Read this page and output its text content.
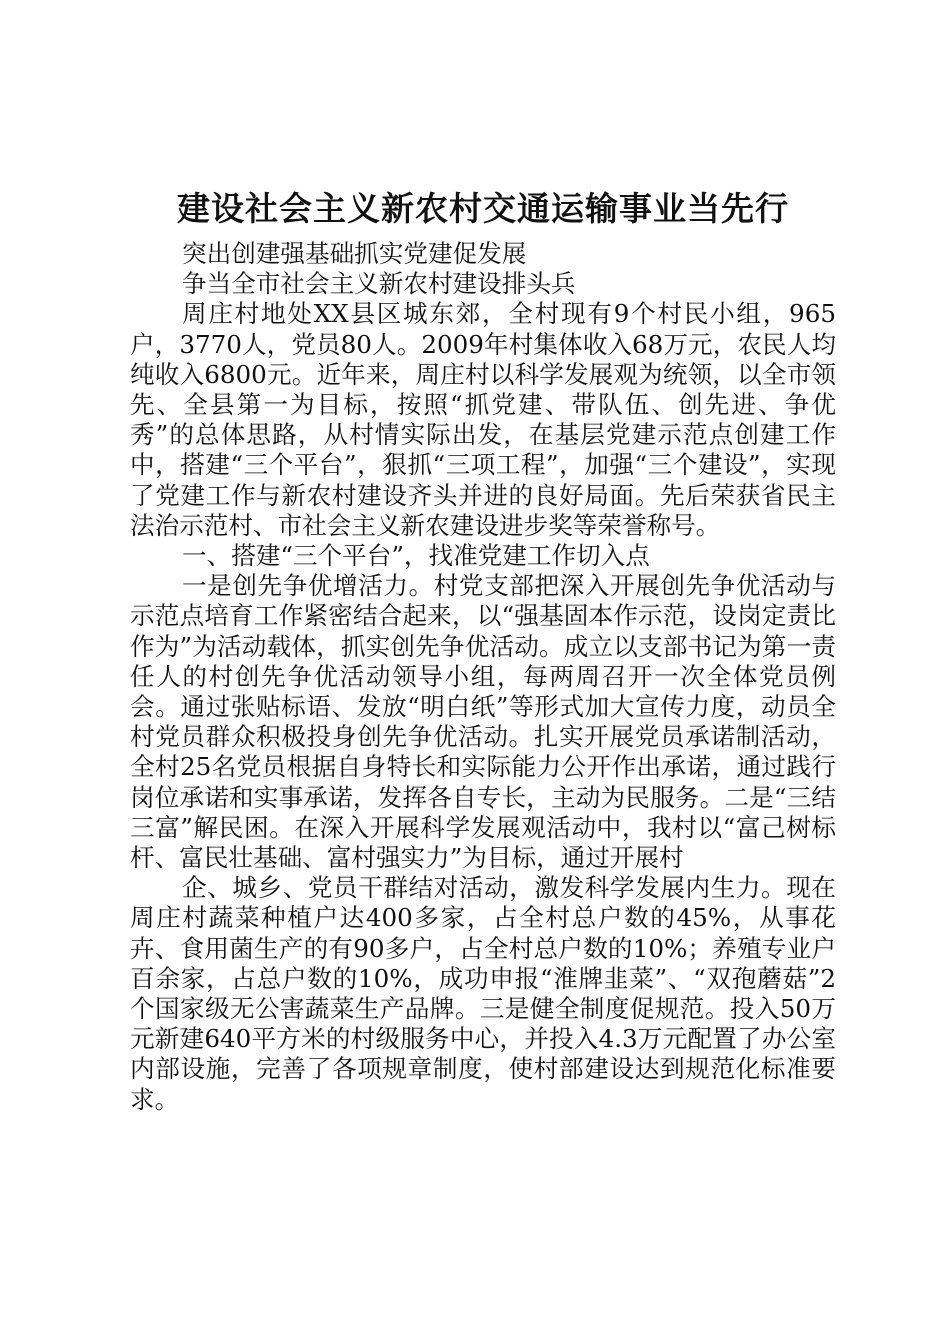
建设社会主义新农村交通运输事业当先行

突出创建强基础抓实党建促发展

争当全市社会主义新农村建设排头兵

周庄村地处XX县区城东郊，全村现有9个村民小组，965户，3770人，党员80人。2009年村集体收入68万元，农民人均纯收入6800元。近年来，周庄村以科学发展观为统领，以全市领先、全县第一为目标，按照“抓党建、带队伍、创先进、争优秀”的总体思路，从村情实际出发，在基层党建示范点创建工作中，搭建“三个平台”，狠抓“三项工程”，加强“三个建设”，实现了党建工作与新农村建设齐头并进的良好局面。先后荣获省民主法治示范村、市社会主义新农建设进步奖等荣誉称号。

一、搭建“三个平台”，找准党建工作切入点

一是创先争优增活力。村党支部把深入开展创先争优活动与示范点培育工作紧密结合起来，以“强基固本作示范，设岗定责比作为”为活动载体，抓实创先争优活动。成立以支部书记为第一责任人的村创先争优活动领导小组，每两周召开一次全体党员例会。通过张贴标语、发放“明白纸”等形式加大宣传力度，动员全村党员群众积极投身创先争优活动。扎实开展党员承诺制活动，全村25名党员根据自身特长和实际能力公开作出承诺，通过践行岗位承诺和实事承诺，发挥各自专长，主动为民服务。二是“三结三富”解民困。在深入开展科学发展观活动中，我村以“富己树标杆、富民壮基础、富村强实力”为目标，通过开展村

企、城乡、党员干群结对活动，激发科学发展内生力。现在周庄村蔬菜种植户达400多家，占全村总户数的45%，从事花卉、食用菌生产的有90多户，占全村总户数的10%；养殖专业户百余家，占总户数的10%，成功申报“淮牌韭菜”、“双孢蘑菇”2个国家级无公害蔬菜生产品牌。三是健全制度促规范。投入50万元新建640平方米的村级服务中心，并投入4.3万元配置了办公室内部设施，完善了各项规章制度，使村部建设达到规范化标准要求。
